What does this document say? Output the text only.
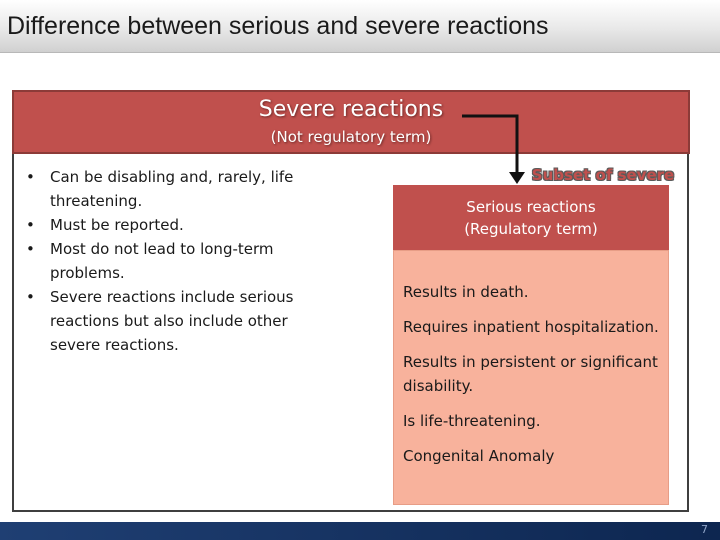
Difference between serious and severe reactions
Severe reactions
(Not regulatory term)
• Can be disabling and, rarely, life threatening.
• Must be reported.
• Most do not lead to long-term problems.
• Severe reactions include serious reactions but also include other severe reactions.
Subset of severe
Serious reactions
(Regulatory term)

Results in death.

Requires inpatient hospitalization.

Results in persistent or significant disability.

Is life-threatening.

Congenital Anomaly

7
